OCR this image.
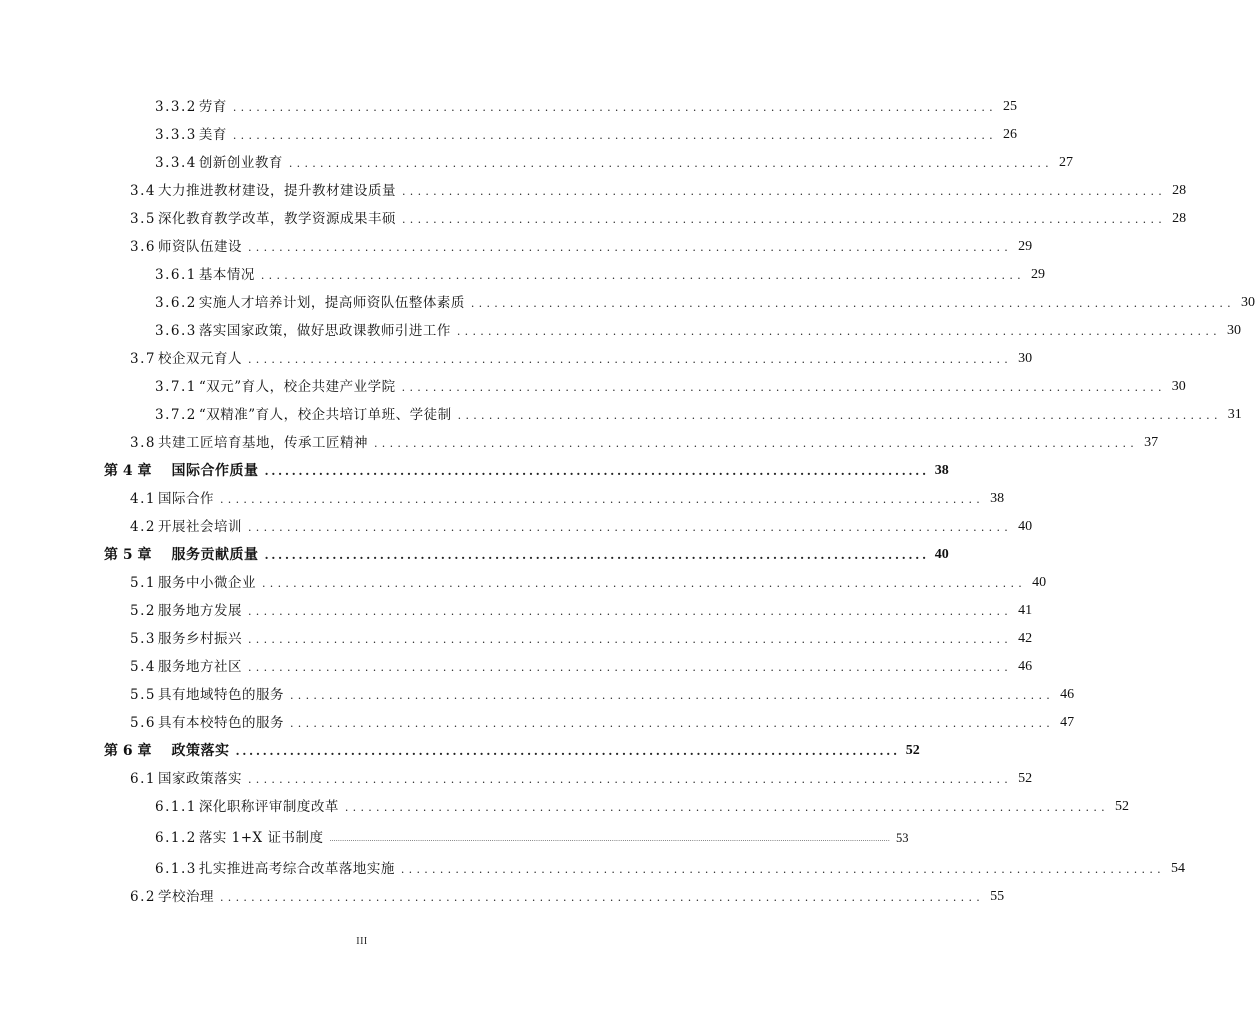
3.3.2 劳育 .................................................................................................. 25
3.3.3 美育 .................................................................................................. 26
3.3.4 创新创业教育 .................................................................................................. 27
3.4 大力推进教材建设，提升教材建设质量 .................................................................................................. 28
3.5 深化教育教学改革，教学资源成果丰硕 .................................................................................................. 28
3.6 师资队伍建设 .................................................................................................. 29
3.6.1 基本情况 .................................................................................................. 29
3.6.2 实施人才培养计划，提高师资队伍整体素质 .................................................................................................. 30
3.6.3 落实国家政策，做好思政课教师引进工作 .................................................................................................. 30
3.7 校企双元育人 .................................................................................................. 30
3.7.1 “双元”育人，校企共建产业学院 .................................................................................................. 30
3.7.2 “双精准”育人，校企共培订单班、学徒制 .................................................................................................. 31
3.8 共建工匠培育基地，传承工匠精神 .................................................................................................. 37
第 4 章 国际合作质量 .................................................................................................. 38
4.1 国际合作 .................................................................................................. 38
4.2 开展社会培训 .................................................................................................. 40
第 5 章 服务贡献质量 .................................................................................................. 40
5.1 服务中小微企业 .................................................................................................. 40
5.2 服务地方发展 .................................................................................................. 41
5.3 服务乡村振兴 .................................................................................................. 42
5.4 服务地方社区 .................................................................................................. 46
5.5 具有地域特色的服务 .................................................................................................. 46
5.6 具有本校特色的服务 .................................................................................................. 47
第 6 章 政策落实 .................................................................................................. 52
6.1 国家政策落实 .................................................................................................. 52
6.1.1 深化职称评审制度改革 .................................................................................................. 52
6.1.2 落实 1+X 证书制度 .......................................................................................................................................................................................................................................................................... 53
6.1.3 扎实推进高考综合改革落地实施 .................................................................................................. 54
6.2 学校治理 .................................................................................................. 55
III
